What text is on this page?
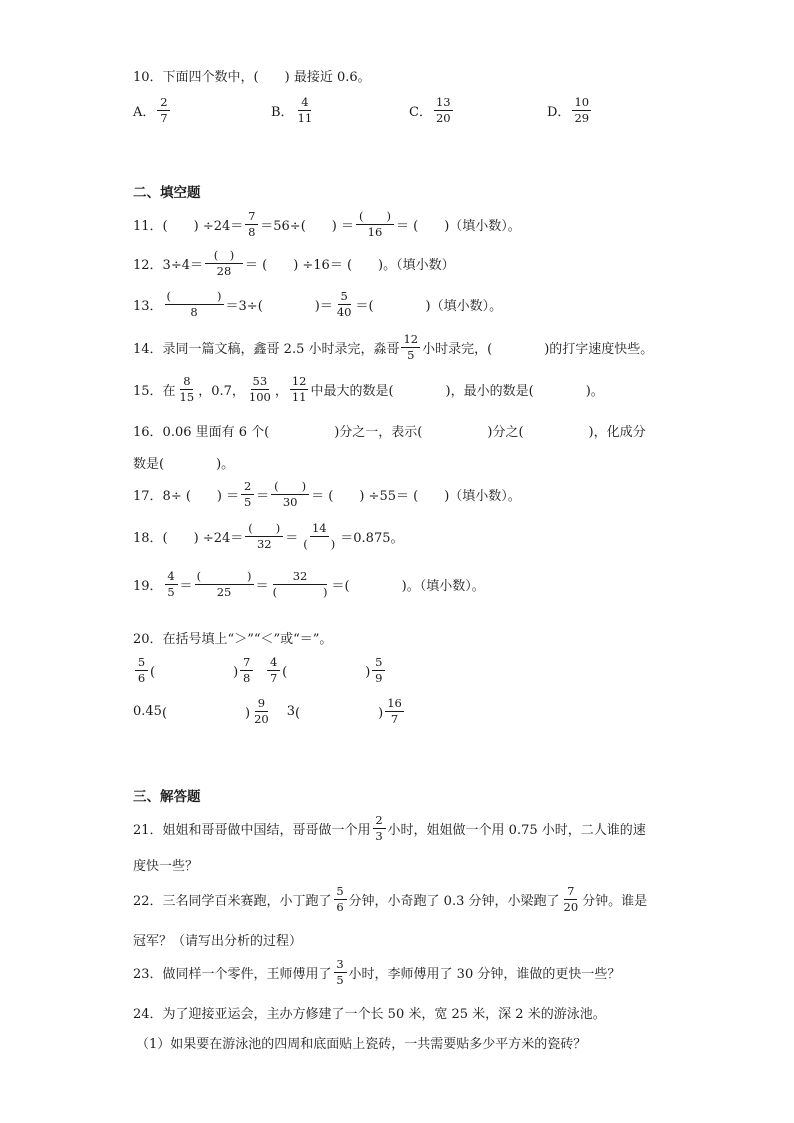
10．下面四个数中，(　　) 最接近 0.6。
A． $\frac{2}{7}$	B． $\frac{4}{11}$	C． $\frac{13}{20}$	D． $\frac{10}{29}$
二、填空题
11．(　　) $\div 24= \frac{7}{8} =56\div$(　　) ＝ $\frac{( )}{16}$ ＝ (　　)（填小数）。
12．$3\div 4= \frac{( )}{28}$ ＝ (　　) ÷16＝ (　　)。（填小数）
13． $\frac{( )}{8} =3\div$(　　　　)＝ $\frac{5}{40}$ ＝(　　　　)（填小数）。
14．录同一篇文稿，鑫哥 2.5 小时录完，淼哥 $\frac{12}{5}$ 小时录完，(　　　　)的打字速度快些。
15．在 $\frac{8}{15}$ ，0.7， $\frac{53}{100}$ ， $\frac{12}{11}$ 中最大的数是(　　　　)，最小的数是(　　　　)。
16．0.06 里面有 6 个(　　　　　)分之一，表示(　　　　　)分之(　　　　　)，化成分
数是(　　　　)。
17．8÷ (　　) ＝ $\frac{2}{5} = \frac{( )}{30}$ ＝ (　　) ÷55＝ (　　)（填小数）。
18．(　　) $\div 24= \frac{( )}{32} = \frac{14}{( )} =0.875$。
19． $\frac{4}{5} = \frac{( )}{25} = \frac{32}{( )}$ ＝(　　　　)。（填小数）。
20．在括号填上“＞”“＜”或“＝”。
$\frac{5}{6}$ (　　　　　　) $\frac{7}{8} \frac{4}{7}$ (　　　　　　) $\frac{5}{9}$
0.45 (　　　　　　) $\frac{9}{20} 3$ (　　　　　　) $\frac{16}{7}$
三、解答题
21．姐姐和哥哥做中国结，哥哥做一个用 $\frac{2}{3}$ 小时，姐姐做一个用 0.75 小时，二人谁的速
度快一些？
22．三名同学百米赛跑，小丁跑了 $\frac{5}{6}$ 分钟，小奇跑了 0.3 分钟，小梁跑了 $\frac{7}{20}$ 分钟。谁是
冠军？（请写出分析的过程）
23．做同样一个零件，王师傅用了 $\frac{3}{5}$ 小时，李师傅用了 30 分钟，谁做的更快一些？
24．为了迎接亚运会，主办方修建了一个长 50 米，宽 25 米，深 2 米的游泳池。
（1）如果要在游泳池的四周和底面贴上瓷砖，一共需要贴多少平方米的瓷砖？
